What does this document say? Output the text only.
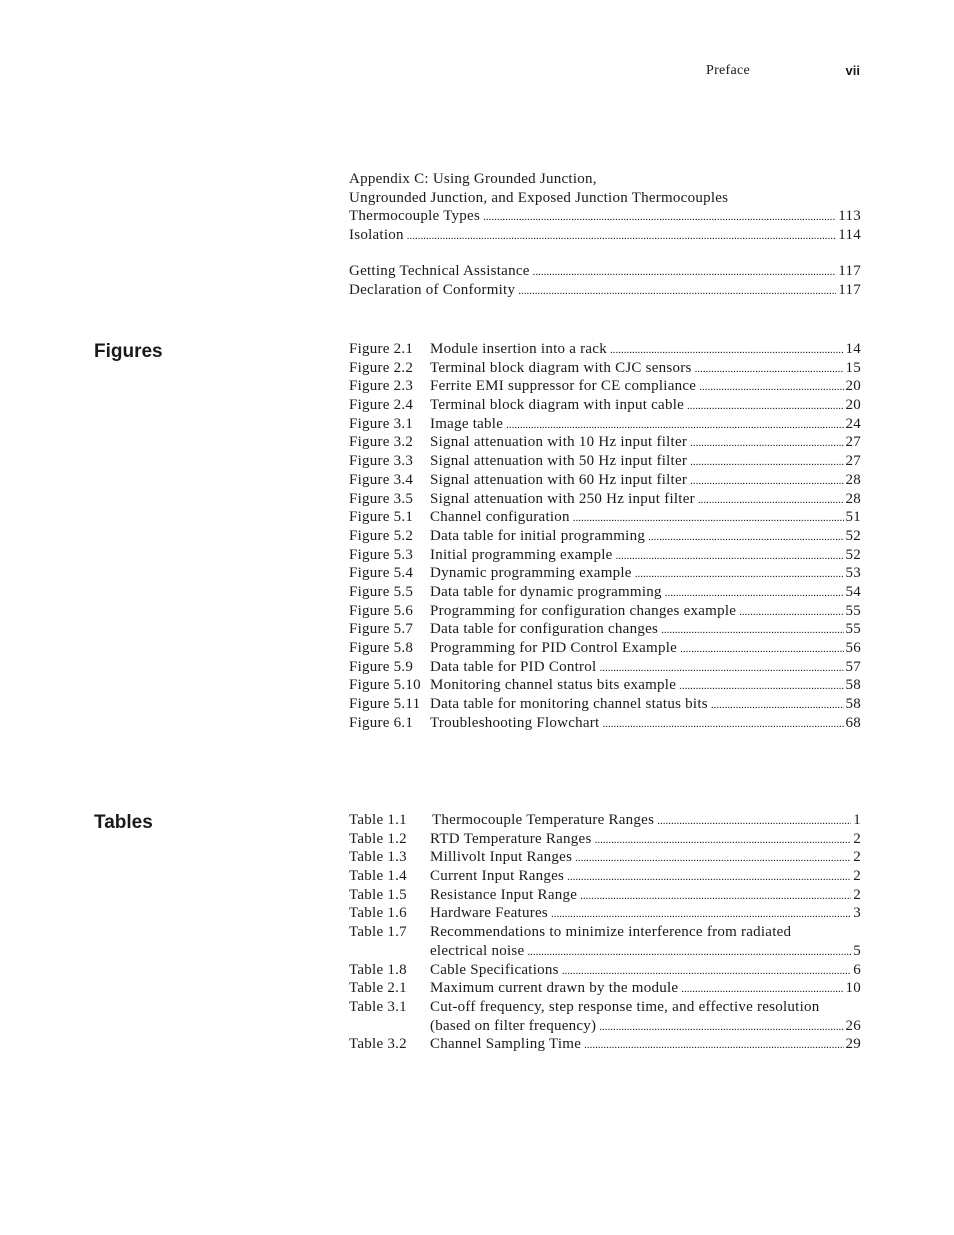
Preface	vii
Appendix C: Using Grounded Junction,
Ungrounded Junction, and Exposed Junction Thermocouples
Thermocouple Types .....	113
Isolation .....	114
Getting Technical Assistance .....	117
Declaration of Conformity .....	117
Figures	Figure 2.1	Module insertion into a rack .....	14
Figure 2.2	Terminal block diagram with CJC sensors .....	15
Figure 2.3	Ferrite EMI suppressor for CE compliance .....	20
Figure 2.4	Terminal block diagram with input cable .....	20
Figure 3.1	Image table .....	24
Figure 3.2	Signal attenuation with 10 Hz input filter .....	27
Figure 3.3	Signal attenuation with 50 Hz input filter .....	27
Figure 3.4	Signal attenuation with 60 Hz input filter .....	28
Figure 3.5	Signal attenuation with 250 Hz input filter .....	28
Figure 5.1	Channel configuration .....	51
Figure 5.2	Data table for initial programming .....	52
Figure 5.3	Initial programming example .....	52
Figure 5.4	Dynamic programming example .....	53
Figure 5.5	Data table for dynamic programming .....	54
Figure 5.6	Programming for configuration changes example .....	55
Figure 5.7	Data table for configuration changes .....	55
Figure 5.8	Programming for PID Control Example .....	56
Figure 5.9	Data table for PID Control .....	57
Figure 5.10 Monitoring channel status bits example .....	58
Figure 5.11 Data table for monitoring channel status bits .....	58
Figure 6.1	Troubleshooting Flowchart .....	68
Tables	Table 1.1	Thermocouple Temperature Ranges .....	1
Table 1.2	RTD Temperature Ranges .....	2
Table 1.3	Millivolt Input Ranges .....	2
Table 1.4	Current Input Ranges .....	2
Table 1.5	Resistance Input Range .....	2
Table 1.6	Hardware Features .....	3
Table 1.7	Recommendations to minimize interference from radiated
electrical noise .....	5
Table 1.8	Cable Specifications .....	6
Table 2.1	Maximum current drawn by the module .....	10
Table 3.1	Cut-off frequency, step response time, and effective resolution
(based on filter frequency) .....	26
Table 3.2	Channel Sampling Time .....	29
